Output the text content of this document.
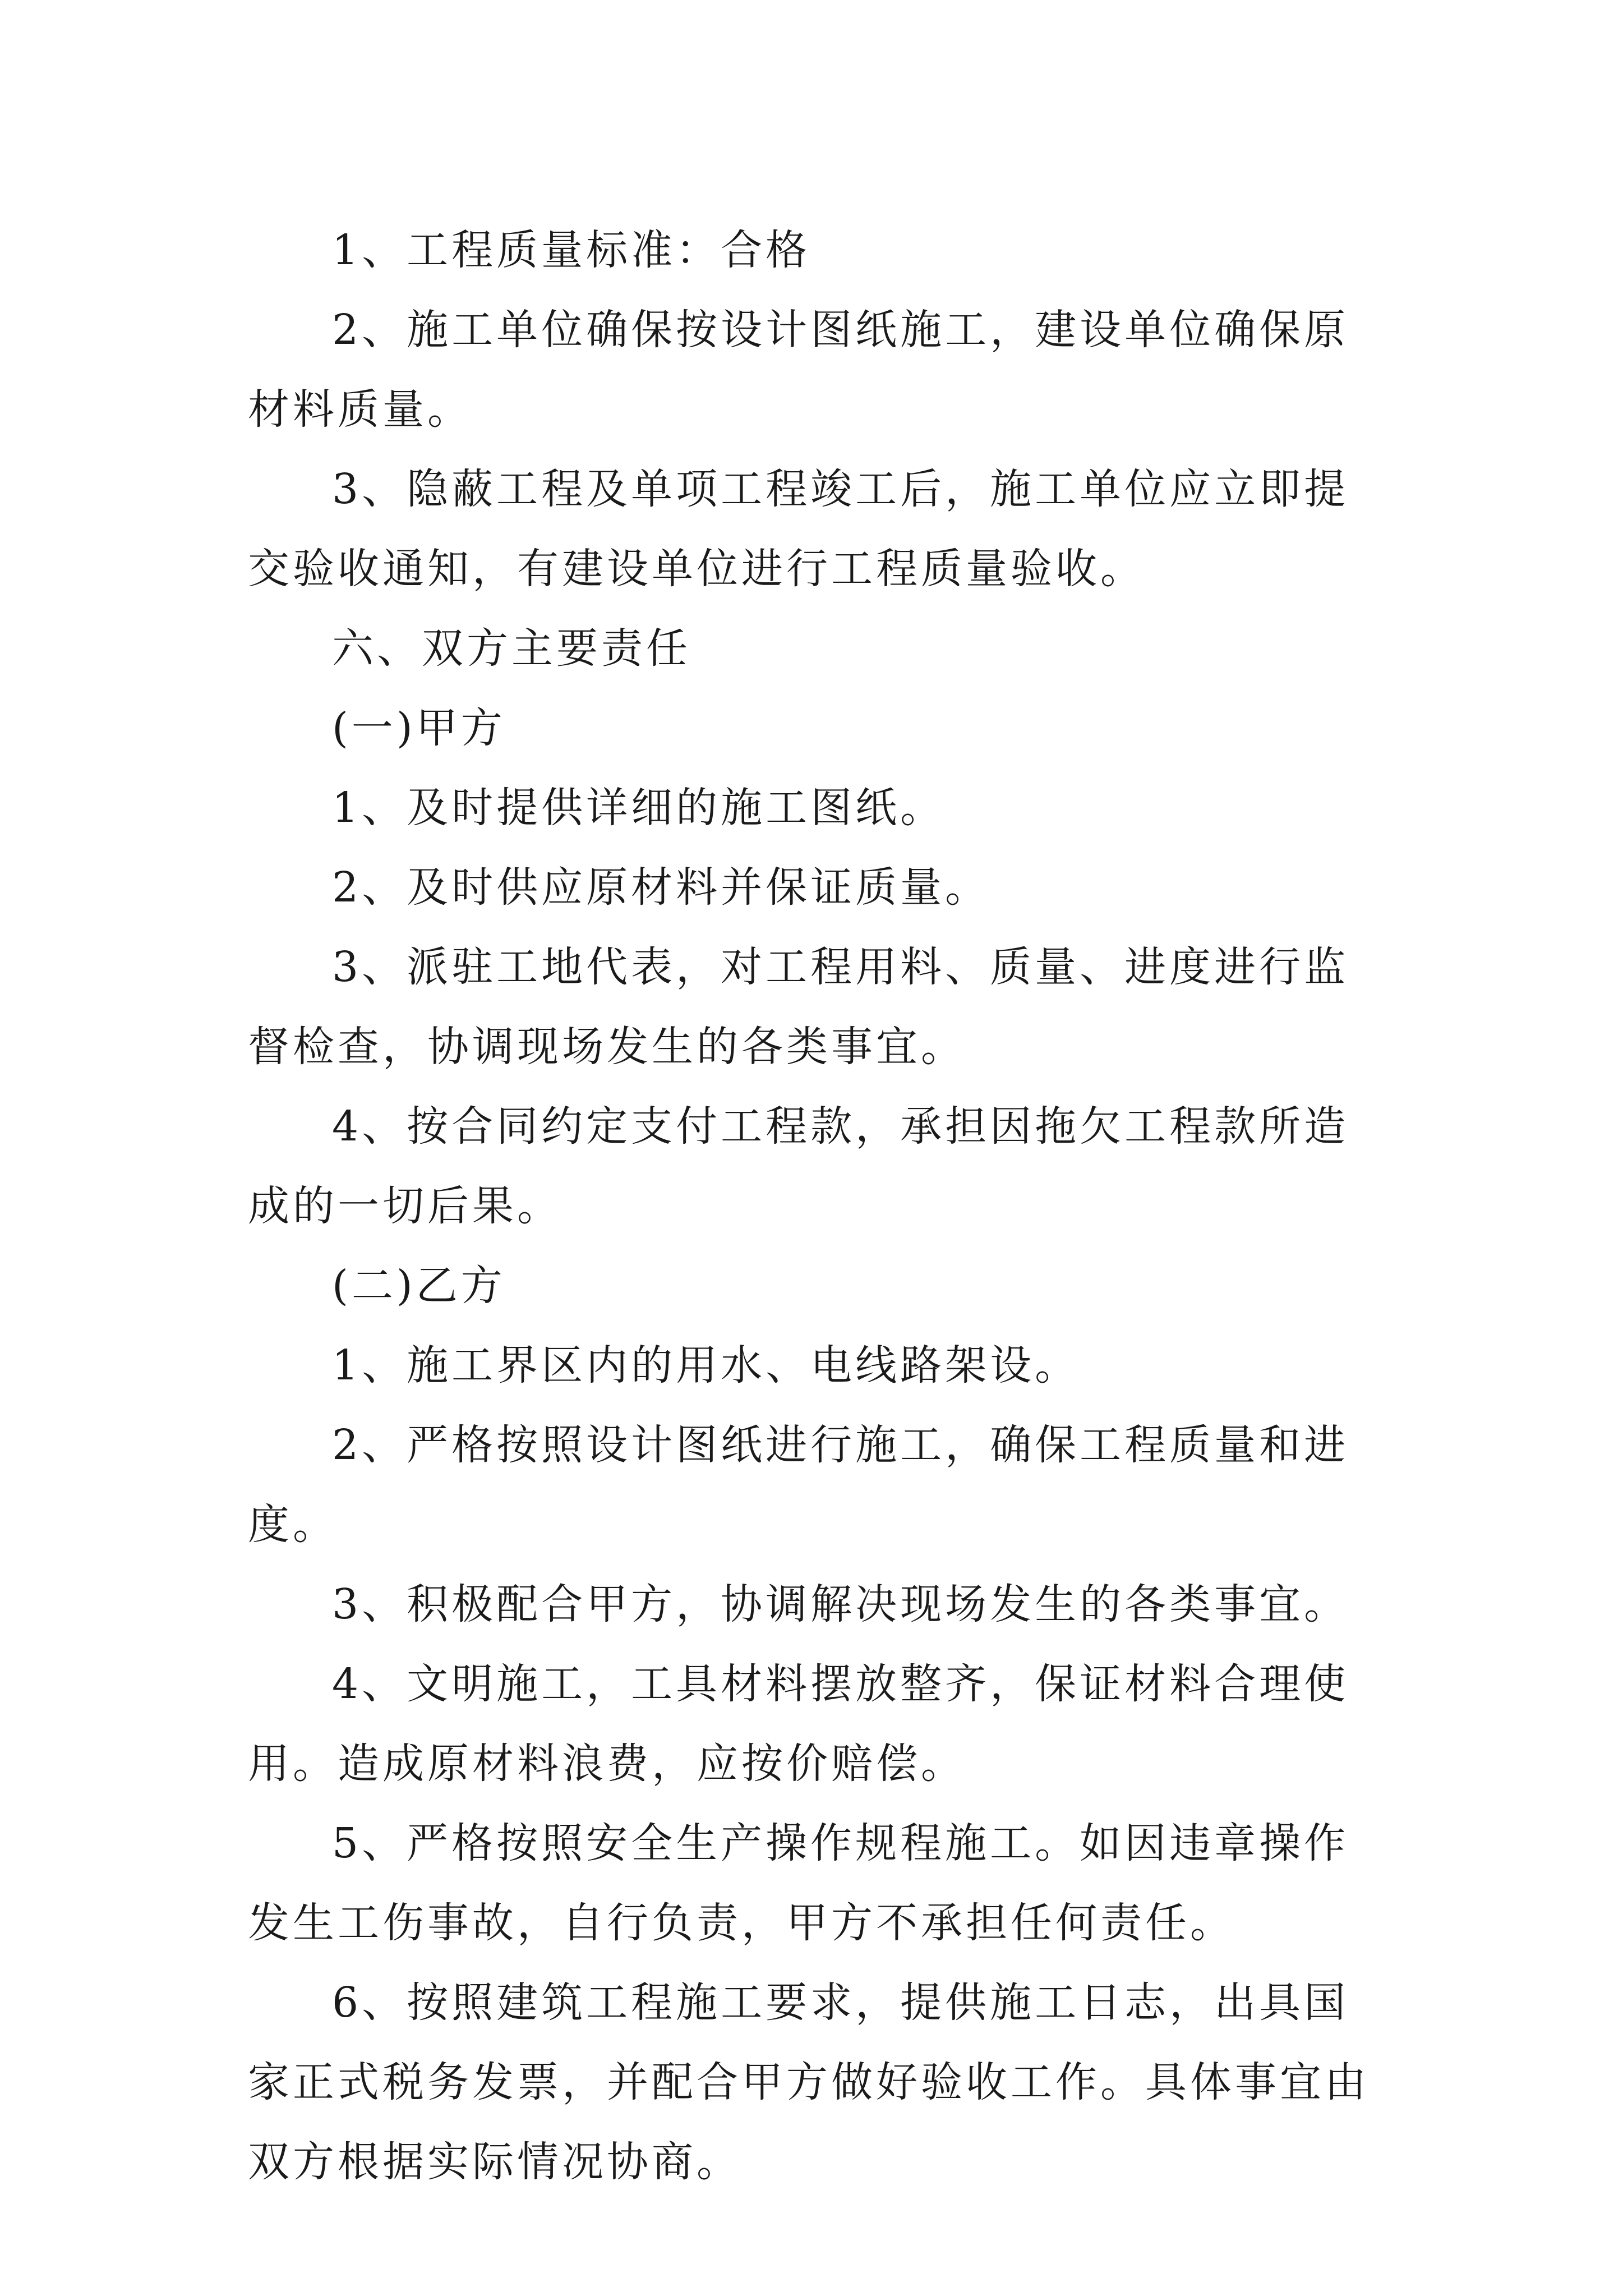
1、工程质量标准：合格

2、施工单位确保按设计图纸施工，建设单位确保原材料质量。

3、隐蔽工程及单项工程竣工后，施工单位应立即提交验收通知，有建设单位进行工程质量验收。

六、双方主要责任

(一)甲方

1、及时提供详细的施工图纸。

2、及时供应原材料并保证质量。

3、派驻工地代表，对工程用料、质量、进度进行监督检查，协调现场发生的各类事宜。

4、按合同约定支付工程款，承担因拖欠工程款所造成的一切后果。

(二)乙方

1、施工界区内的用水、电线路架设。

2、严格按照设计图纸进行施工，确保工程质量和进度。

3、积极配合甲方，协调解决现场发生的各类事宜。

4、文明施工，工具材料摆放整齐，保证材料合理使用。造成原材料浪费，应按价赔偿。

5、严格按照安全生产操作规程施工。如因违章操作发生工伤事故，自行负责，甲方不承担任何责任。

6、按照建筑工程施工要求，提供施工日志，出具国家正式税务发票，并配合甲方做好验收工作。具体事宜由双方根据实际情况协商。
